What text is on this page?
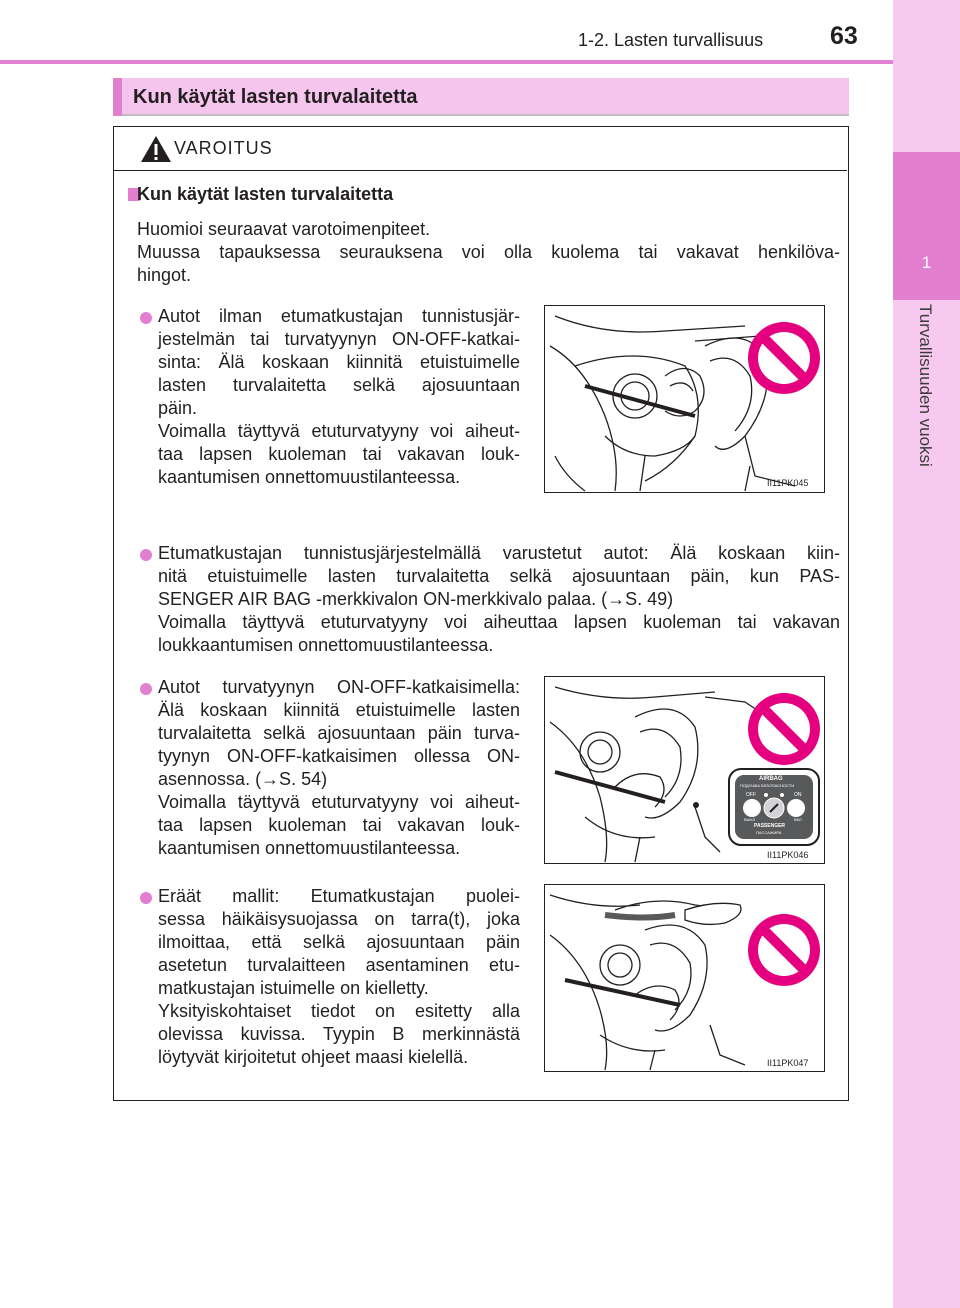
1
Turvallisuuden vuoksi
1-2. Lasten turvallisuus	63
Kun käytät lasten turvalaitetta
VAROITUS
Kun käytät lasten turvalaitetta
Huomioi seuraavat varotoimenpiteet.
Muussa tapauksessa seurauksena voi olla kuolema tai vakavat henkilöva-
hingot.
Autot ilman etumatkustajan tunnistusjär-
jestelmän tai turvatyynyn ON-OFF-katkai-
sinta: Älä koskaan kiinnitä etuistuimelle
lasten turvalaitetta selkä ajosuuntaan
päin.
Voimalla täyttyvä etuturvatyyny voi aiheut-
taa lapsen kuoleman tai vakavan louk-
kaantumisen onnettomuustilanteessa.	II11PK045
Etumatkustajan tunnistusjärjestelmällä varustetut autot: Älä koskaan kiin-
nitä etuistuimelle lasten turvalaitetta selkä ajosuuntaan päin, kun PAS-
SENGER AIR BAG -merkkivalon ON-merkkivalo palaa. (→S. 49)
Voimalla täyttyvä etuturvatyyny voi aiheuttaa lapsen kuoleman tai vakavan
loukkaantumisen onnettomuustilanteessa.
Autot turvatyynyn ON-OFF-katkaisimella:
Älä koskaan kiinnitä etuistuimelle lasten
turvalaitetta selkä ajosuuntaan päin turva-
tyynyn ON-OFF-katkaisimen ollessa ON-
asennossa. (→S. 54)
Voimalla täyttyvä etuturvatyyny voi aiheut-
taa lapsen kuoleman tai vakavan louk-
kaantumisen onnettomuustilanteessa.
AIRBAG
ПОДУШКА БЕЗОПАСНОСТИ
OFF	ON
ВЫКЛ	ВКЛ
PASSENGER
ПАССАЖИРА
II11PK046
Eräät mallit: Etumatkustajan puolei-
sessa häikäisysuojassa on tarra(t), joka
ilmoittaa, että selkä ajosuuntaan päin
asetetun turvalaitteen asentaminen etu-
matkustajan istuimelle on kielletty.
Yksityiskohtaiset tiedot on esitetty alla
olevissa kuvissa. Tyypin B merkinnästä
löytyvät kirjoitetut ohjeet maasi kielellä.	II11PK047
